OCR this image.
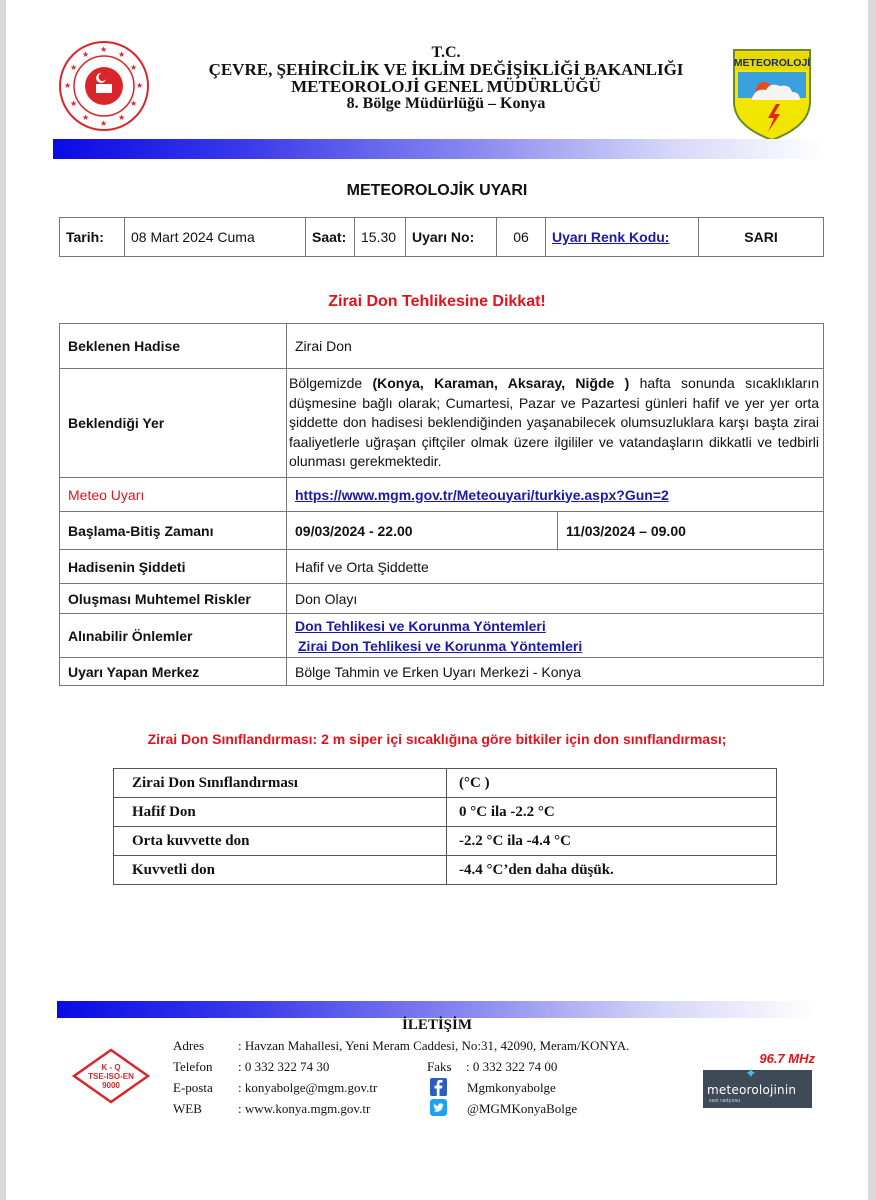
★
★
★
★
★
★
★
★
★
★
★
★	T.C.
ÇEVRE, ŞEHİRCİLİK VE İKLİM DEĞİŞİKLİĞİ BAKANLIĞI
METEOROLOJİ GENEL MÜDÜRLÜĞÜ
8. Bölge Müdürlüğü – Konya
METEOROLOJİ
METEOROLOJİK UYARI
Tarih:	08 Mart 2024 Cuma	Saat:	15.30	Uyarı No:	06	Uyarı Renk Kodu:	SARI
Zirai Don Tehlikesine Dikkat!
Beklenen Hadise	Zirai Don	
Beklendiği Yer	Bölgemizde (Konya, Karaman, Aksaray, Niğde ) hafta sonunda sıcaklıkların düşmesine bağlı olarak; Cumartesi, Pazar ve Pazartesi günleri hafif ve yer yer orta şiddette don hadisesi beklendiğinden yaşanabilecek olumsuzluklara karşı başta zirai faaliyetlerle uğraşan çiftçiler olmak üzere ilgililer ve vatandaşların dikkatli ve tedbirli olunması gerekmektedir.	
Meteo Uyarı	https://www.mgm.gov.tr/Meteouyari/turkiye.aspx?Gun=2	
Başlama-Bitiş Zamanı	09/03/2024 - 22.00	11/03/2024 – 09.00
Hadisenin Şiddeti	Hafif ve Orta Şiddette	
Oluşması Muhtemel Riskler	Don Olayı	
Alınabilir Önlemler	Don Tehlikesi ve Korunma Yöntemleri
Zirai Don Tehlikesi ve Korunma Yöntemleri	

Uyarı Yapan Merkez	Bölge Tahmin ve Erken Uyarı Merkezi - Konya	
Zirai Don Sınıflandırması: 2 m siper içi sıcaklığına göre bitkiler için don sınıflandırması;
Zirai Don Sınıflandırması	(°C )
Hafif Don	0 °C ila -2.2 °C
Orta kuvvette don	-2.2 °C ila -4.4 °C
Kuvvetli don	-4.4 °C’den daha düşük.
İLETİŞİM
K - Q
TSE-ISO-EN
9000
Adres	: Havzan Mahallesi, Yeni Meram Caddesi, No:31, 42090, Meram/KONYA.
Telefon : 0 332 322 74 30	Faks : 0 332 322 74 00
E-posta : konyabolge@mgm.gov.tr	Mgmkonyabolge
WEB	: www.konya.mgm.gov.tr	@MGMKonyaBolge
96.7 MHz
✦
meteorolojinin
sesi radyosu
